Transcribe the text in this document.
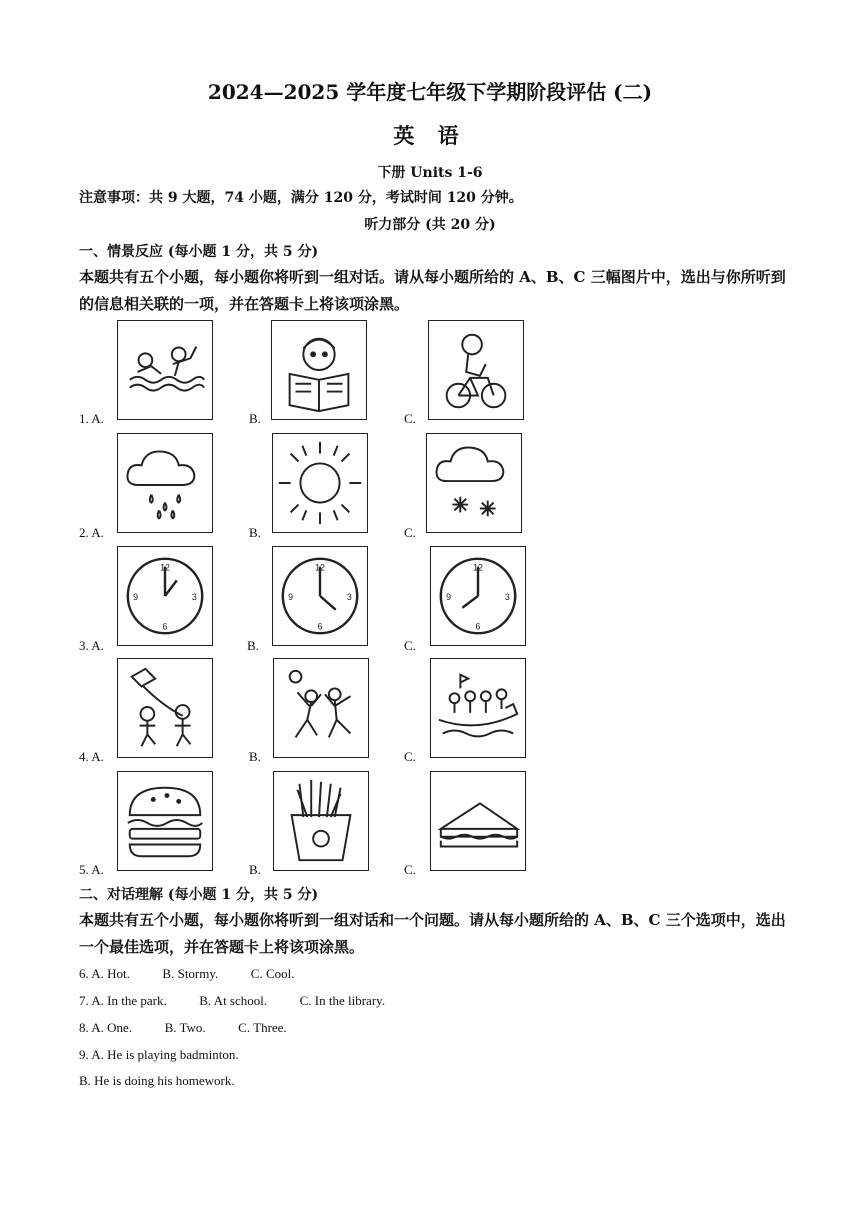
2024—2025 学年度七年级下学期阶段评估 (二)
英 语
下册 Units 1-6
注意事项：共 9 大题，74 小题，满分 120 分，考试时间 120 分钟。
听力部分 (共 20 分)
一、情景反应 (每小题 1 分，共 5 分)
本题共有五个小题，每小题你将听到一组对话。请从每小题所给的 A、B、C 三幅图片中，选出与你所听到的信息相关联的一项，并在答题卡上将该项涂黑。
1. A.	B.	C.
2. A.	B.	C.
3. A.
12
3
6
9
B.
12
3
6
9
C.
12
3
6
9
4. A.	B.	C.
5. A.	B.	C.
二、对话理解 (每小题 1 分，共 5 分)
本题共有五个小题，每小题你将听到一组对话和一个问题。请从每小题所给的 A、B、C 三个选项中，选出一个最佳选项，并在答题卡上将该项涂黑。
6. A. Hot.          B. Stormy.          C. Cool.
7. A. In the park.          B. At school.          C. In the library.
8. A. One.          B. Two.          C. Three.
9. A. He is playing badminton.
B. He is doing his homework.
